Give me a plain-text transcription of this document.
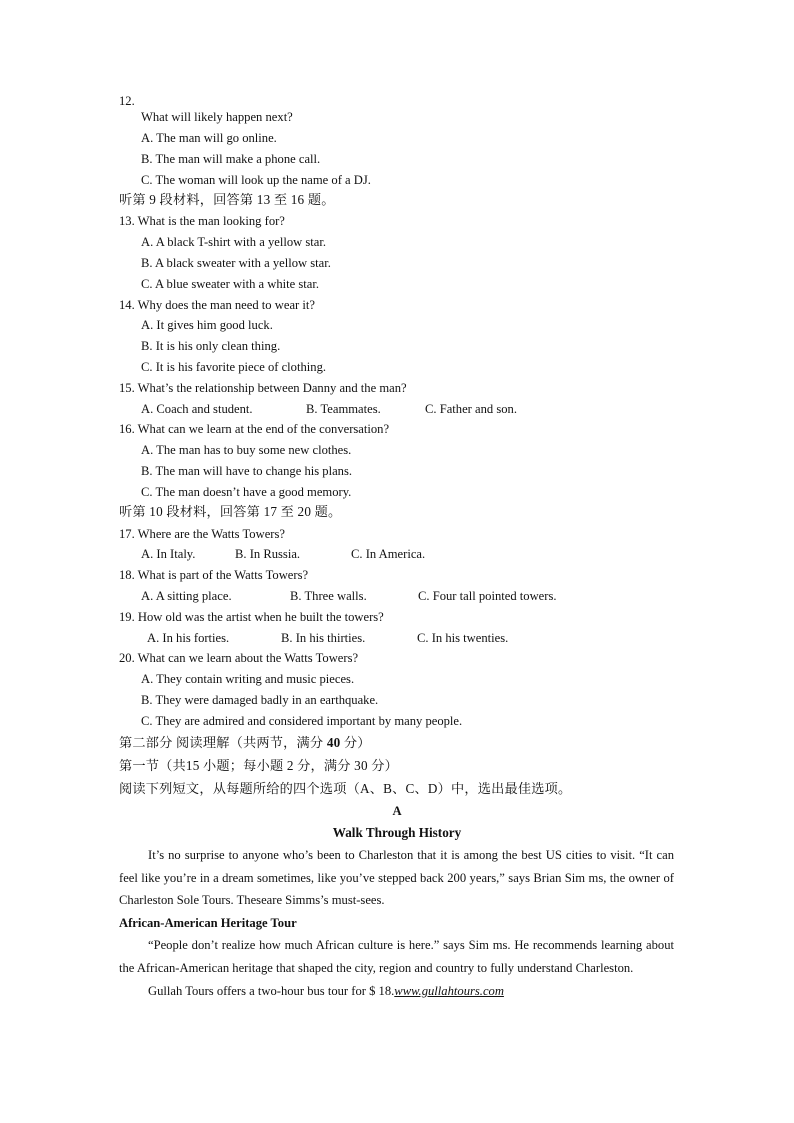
12.
What will likely happen next?
A. The man will go online.
B. The man will make a phone call.
C. The woman will look up the name of a DJ.
听第 9 段材料，回答第 13 至 16 题。
13. What is the man looking for?
A. A black T-shirt with a yellow star.
B. A black sweater with a yellow star.
C. A blue sweater with a white star.
14. Why does the man need to wear it?
A. It gives him good luck.
B. It is his only clean thing.
C. It is his favorite piece of clothing.
15. What’s the relationship between Danny and the man?
A. Coach and student.	B. Teammates.	C. Father and son.
16. What can we learn at the end of the conversation?
A. The man has to buy some new clothes.
B. The man will have to change his plans.
C. The man doesn’t have a good memory.
听第 10 段材料，回答第 17 至 20 题。
17. Where are the Watts Towers?
A. In Italy.	B. In Russia.	C. In America.
18. What is part of the Watts Towers?
A. A sitting place.	B. Three walls.	C. Four tall pointed towers.
19. How old was the artist when he built the towers?
A. In his forties.	B. In his thirties.	C. In his twenties.
20. What can we learn about the Watts Towers?
A. They contain writing and music pieces.
B. They were damaged badly in an earthquake.
C. They are admired and considered important by many people.
第二部分 阅读理解（共两节，满分 40 分）
第一节（共15 小题；每小题 2 分，满分 30 分）
阅读下列短文，从每题所给的四个选项（A、B、C、D）中，选出最佳选项。
A
Walk Through History

It’s no surprise to anyone who’s been to Charleston that it is among the best US cities to visit. “It can feel like you’re in a dream sometimes, like you’ve stepped back 200 years,” says Brian Sim ms, the owner of Charleston Sole Tours. Theseare Simms’s must-sees.

African-American Heritage Tour

“People don’t realize how much African culture is here.” says Sim ms. He recommends learning about the African-American heritage that shaped the city, region and country to fully understand Charleston.

Gullah Tours offers a two-hour bus tour for $ 18.www.gullahtours.com
